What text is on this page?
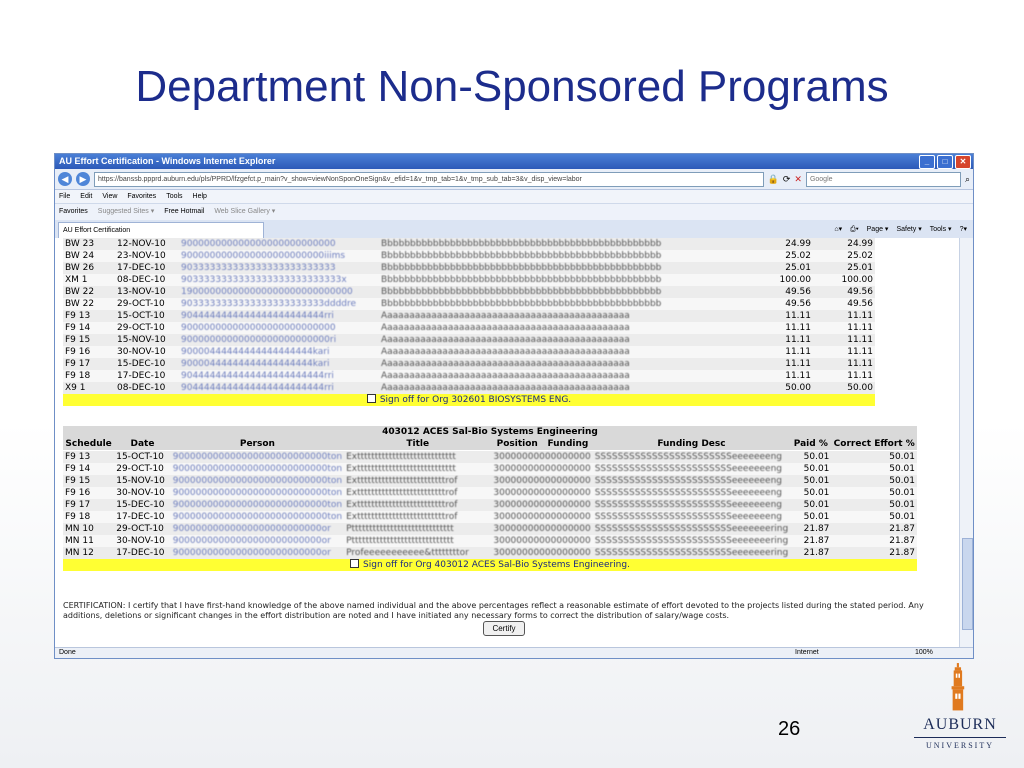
Department Non-Sponsored Programs
AU Effort Certification - Windows Internet Explorer	_	□	✕
◀	▶	https://banssb.ppprd.auburn.edu/pls/PPRD/lfzgefct.p_main?v_show=viewNonSponOneSign&v_efid=1&v_tmp_tab=1&v_tmp_sub_tab=3&v_disp_view=labor	🔒 ⟳ ✕	Google	⌕
File Edit View Favorites Tools Help
Favorites Suggested Sites ▾ Free Hotmail Web Slice Gallery ▾
AU Effort Certification	⌂▾ ⎙▾ Page ▾ Safety ▾ Tools ▾ ?▾
BW 23	12-NOV-10	900000000000000000000000000	Bbbbbbbbbbbbbbbbbbbbbbbbbbbbbbbbbbbbbbbbbbbbbbbbb	24.99	24.99
BW 24	23-NOV-10	9000000000000000000000000iiims	Bbbbbbbbbbbbbbbbbbbbbbbbbbbbbbbbbbbbbbbbbbbbbbbbb	25.02	25.02
BW 26	17-DEC-10	903333333333333333333333333	Bbbbbbbbbbbbbbbbbbbbbbbbbbbbbbbbbbbbbbbbbbbbbbbbb	25.01	25.01
XM 1	08-DEC-10	9033333333333333333333333333x	Bbbbbbbbbbbbbbbbbbbbbbbbbbbbbbbbbbbbbbbbbbbbbbbbb	100.00	100.00
BW 22	13-NOV-10	190000000000000000000000000000	Bbbbbbbbbbbbbbbbbbbbbbbbbbbbbbbbbbbbbbbbbbbbbbbbb	49.56	49.56
BW 22	29-OCT-10	9033333333333333333333333ddddre	Bbbbbbbbbbbbbbbbbbbbbbbbbbbbbbbbbbbbbbbbbbbbbbbbb	49.56	49.56
F9 13	15-OCT-10	9044444444444444444444444rri	Aaaaaaaaaaaaaaaaaaaaaaaaaaaaaaaaaaaaaaaaaaaaa	11.11	11.11
F9 14	29-OCT-10	900000000000000000000000000	Aaaaaaaaaaaaaaaaaaaaaaaaaaaaaaaaaaaaaaaaaaaaa	11.11	11.11
F9 15	15-NOV-10	90000000000000000000000000ri	Aaaaaaaaaaaaaaaaaaaaaaaaaaaaaaaaaaaaaaaaaaaaa	11.11	11.11
F9 16	30-NOV-10	90000444444444444444444kari	Aaaaaaaaaaaaaaaaaaaaaaaaaaaaaaaaaaaaaaaaaaaaa	11.11	11.11
F9 17	15-DEC-10	90000444444444444444444kari	Aaaaaaaaaaaaaaaaaaaaaaaaaaaaaaaaaaaaaaaaaaaaa	11.11	11.11
F9 18	17-DEC-10	9044444444444444444444444rri	Aaaaaaaaaaaaaaaaaaaaaaaaaaaaaaaaaaaaaaaaaaaaa	11.11	11.11
X9 1	08-DEC-10	9044444444444444444444444rri	Aaaaaaaaaaaaaaaaaaaaaaaaaaaaaaaaaaaaaaaaaaaaa	50.00	50.00
Sign off for Org 302601 BIOSYSTEMS ENG.					
403012 ACES Sal-Bio Systems Engineering								
Schedule	Date	Person	Title	Position	Funding	Funding Desc	Paid %	Correct Effort %
F9 13	15-OCT-10	900000000000000000000000000ton	Extttttttttttttttttttttttttttt	30000000000000000		SSSSSSSSSSSSSSSSSSSSSSSSeeeeeeeng	50.01	50.01
F9 14	29-OCT-10	900000000000000000000000000ton	Extttttttttttttttttttttttttttt	30000000000000000		SSSSSSSSSSSSSSSSSSSSSSSSeeeeeeeng	50.01	50.01
F9 15	15-NOV-10	900000000000000000000000000ton	Extttttttttttttttttttttttttrof	30000000000000000		SSSSSSSSSSSSSSSSSSSSSSSSeeeeeeeng	50.01	50.01
F9 16	30-NOV-10	900000000000000000000000000ton	Extttttttttttttttttttttttttrof	30000000000000000		SSSSSSSSSSSSSSSSSSSSSSSSeeeeeeeng	50.01	50.01
F9 17	15-DEC-10	900000000000000000000000000ton	Extttttttttttttttttttttttttrof	30000000000000000		SSSSSSSSSSSSSSSSSSSSSSSSeeeeeeeng	50.01	50.01
F9 18	17-DEC-10	900000000000000000000000000ton	Extttttttttttttttttttttttttrof	30000000000000000		SSSSSSSSSSSSSSSSSSSSSSSSeeeeeeeng	50.01	50.01
MN 10	29-OCT-10	90000000000000000000000000or	Pttttttttttttttttttttttttttttt	30000000000000000		SSSSSSSSSSSSSSSSSSSSSSSSeeeeeeering	21.87	21.87
MN 11	30-NOV-10	90000000000000000000000000or	Pttttttttttttttttttttttttttttt	30000000000000000		SSSSSSSSSSSSSSSSSSSSSSSSeeeeeeering	21.87	21.87
MN 12	17-DEC-10	90000000000000000000000000or	Profeeeeeeeeeee&ttttttttor	30000000000000000		SSSSSSSSSSSSSSSSSSSSSSSSeeeeeeering	21.87	21.87
Sign off for Org 403012 ACES Sal-Bio Systems Engineering.								
CERTIFICATION: I certify that I have first-hand knowledge of the above named individual and the above percentages reflect a reasonable estimate of effort devoted to the projects listed during the stated period. Any additions, deletions or significant changes in the effort distribution are noted and I have initiated any necessary forms to correct the distribution of salary/wage costs.
Certify
Done	Internet	100%
26	AUBURN
UNIVERSITY
